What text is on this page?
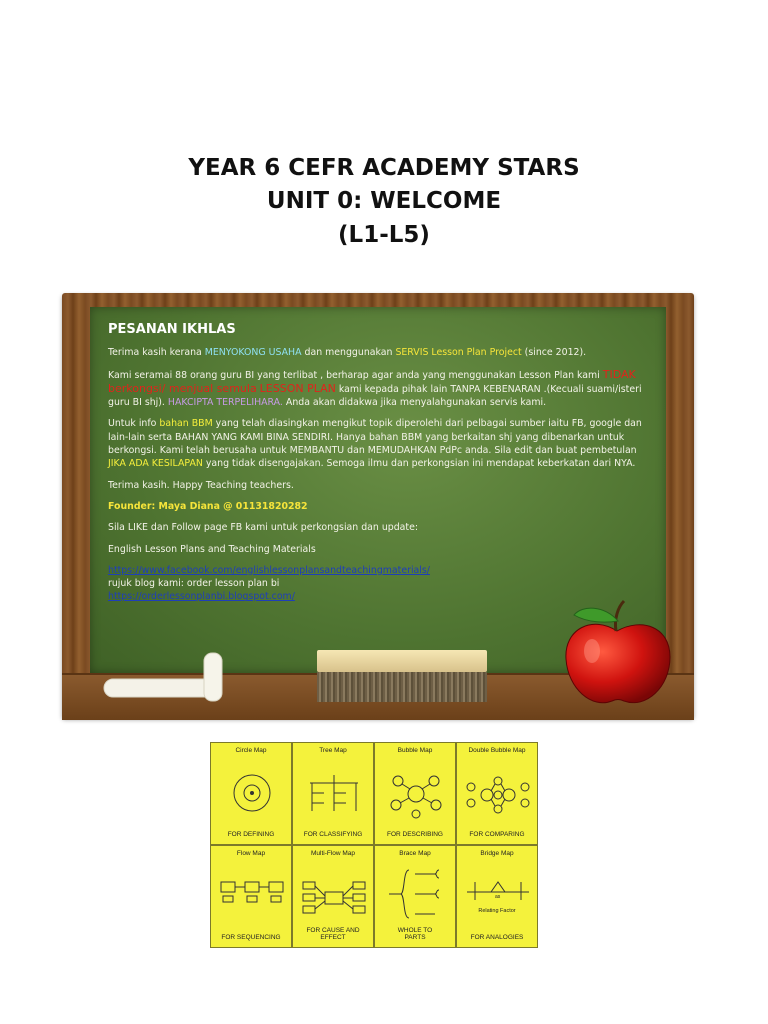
YEAR 6 CEFR ACADEMY STARS
UNIT 0: WELCOME
(L1-L5)

PESANAN IKHLAS

Terima kasih kerana MENYOKONG USAHA dan menggunakan SERVIS Lesson Plan Project (since 2012).

Kami seramai 88 orang guru BI yang terlibat , berharap agar anda yang menggunakan Lesson Plan kami TIDAK berkongsi/ menjual semula LESSON PLAN kami kepada pihak lain TANPA KEBENARAN .(Kecuali suami/isteri guru BI shj). HAKCIPTA TERPELIHARA. Anda akan didakwa jika menyalahgunakan servis kami.

Untuk info bahan BBM yang telah diasingkan mengikut topik diperolehi dari pelbagai sumber iaitu FB, google dan lain-lain serta BAHAN YANG KAMI BINA SENDIRI. Hanya bahan BBM yang berkaitan shj yang dibenarkan untuk berkongsi. Kami telah berusaha untuk MEMBANTU dan MEMUDAHKAN PdPc anda. Sila edit dan buat pembetulan JIKA ADA KESILAPAN yang tidak disengajakan. Semoga ilmu dan perkongsian ini mendapat keberkatan dari NYA.

Terima kasih. Happy Teaching teachers.

Founder: Maya Diana @ 01131820282

Sila LIKE dan Follow page FB kami untuk perkongsian dan update:

English Lesson Plans and Teaching Materials

https://www.facebook.com/englishlessonplansandteachingmaterials/
rujuk blog kami: order lesson plan bi
https://orderlessonplanbi.blogspot.com/

Circle Map
FOR DEFINING
Tree Map
FOR CLASSIFYING
Bubble Map
FOR DESCRIBING
Double Bubble Map
FOR COMPARING
Flow Map
FOR SEQUENCING
Multi-Flow Map
FOR CAUSE AND EFFECT
Brace Map
WHOLE TO PARTS
Bridge Map
as
Relating Factor
FOR ANALOGIES
